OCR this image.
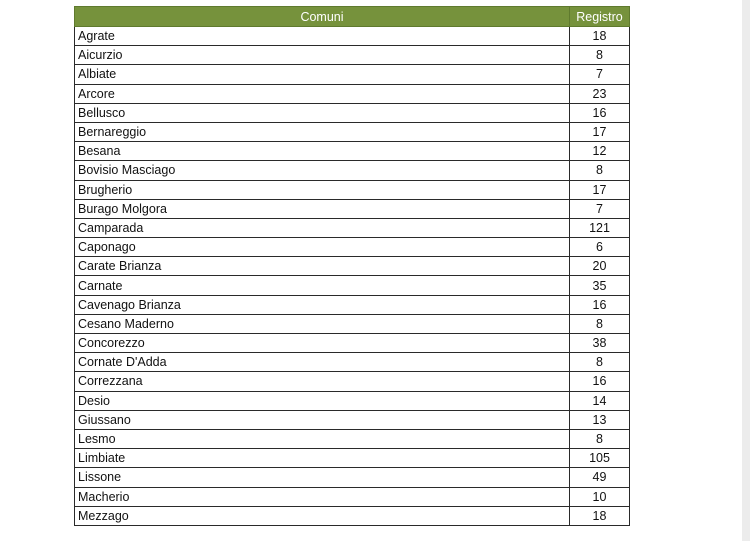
Comuni	Registro
Agrate	18
Aicurzio	8
Albiate	7
Arcore	23
Bellusco	16
Bernareggio	17
Besana	12
Bovisio Masciago	8
Brugherio	17
Burago Molgora	7
Camparada	121
Caponago	6
Carate Brianza	20
Carnate	35
Cavenago Brianza	16
Cesano Maderno	8
Concorezzo	38
Cornate D'Adda	8
Correzzana	16
Desio	14
Giussano	13
Lesmo	8
Limbiate	105
Lissone	49
Macherio	10
Mezzago	18
